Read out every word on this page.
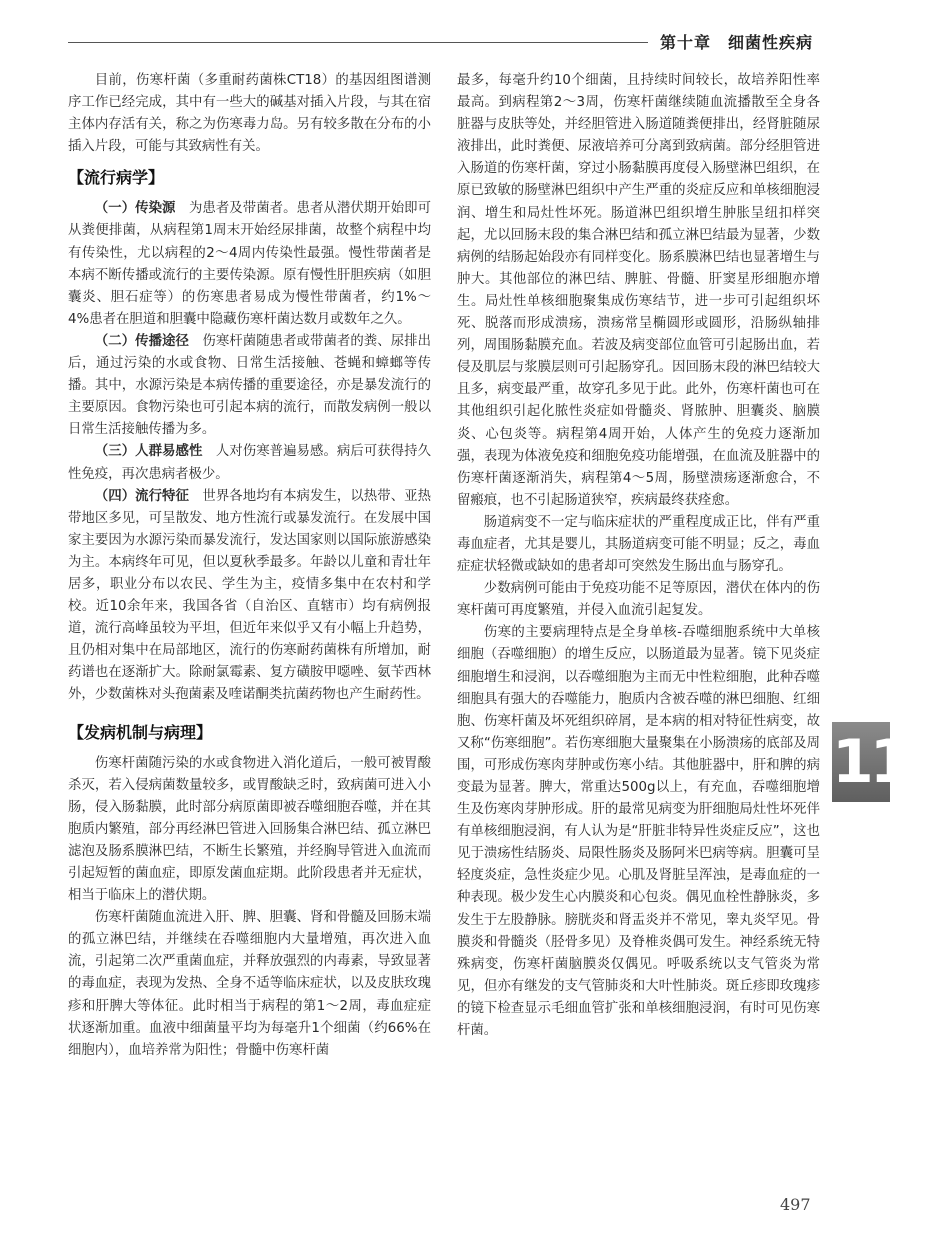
第十章　细菌性疾病

目前，伤寒杆菌（多重耐药菌株CT18）的基因组图谱测序工作已经完成，其中有一些大的碱基对插入片段，与其在宿主体内存活有关，称之为伤寒毒力岛。另有较多散在分布的小插入片段，可能与其致病性有关。

【流行病学】

（一）传染源　 为患者及带菌者。患者从潜伏期开始即可从粪便排菌，从病程第1周末开始经尿排菌，故整个病程中均有传染性，尤以病程的2～4周内传染性最强。慢性带菌者是本病不断传播或流行的主要传染源。原有慢性肝胆疾病（如胆囊炎、胆石症等）的伤寒患者易成为慢性带菌者，约1%～4%患者在胆道和胆囊中隐藏伤寒杆菌达数月或数年之久。

（二）传播途径　 伤寒杆菌随患者或带菌者的粪、尿排出后，通过污染的水或食物、日常生活接触、苍蝇和蟑螂等传播。其中，水源污染是本病传播的重要途径，亦是暴发流行的主要原因。食物污染也可引起本病的流行，而散发病例一般以日常生活接触传播为多。

（三）人群易感性　 人对伤寒普遍易感。病后可获得持久性免疫，再次患病者极少。

（四）流行特征　 世界各地均有本病发生，以热带、亚热带地区多见，可呈散发、地方性流行或暴发流行。在发展中国家主要因为水源污染而暴发流行，发达国家则以国际旅游感染为主。本病终年可见，但以夏秋季最多。年龄以儿童和青壮年居多，职业分布以农民、学生为主，疫情多集中在农村和学校。近10余年来，我国各省（自治区、直辖市）均有病例报道，流行高峰虽较为平坦，但近年来似乎又有小幅上升趋势，且仍相对集中在局部地区，流行的伤寒耐药菌株有所增加，耐药谱也在逐渐扩大。除耐氯霉素、复方磺胺甲噁唑、氨苄西林外，少数菌株对头孢菌素及喹诺酮类抗菌药物也产生耐药性。

【发病机制与病理】

伤寒杆菌随污染的水或食物进入消化道后，一般可被胃酸杀灭，若入侵病菌数量较多，或胃酸缺乏时，致病菌可进入小肠，侵入肠黏膜，此时部分病原菌即被吞噬细胞吞噬，并在其胞质内繁殖，部分再经淋巴管进入回肠集合淋巴结、孤立淋巴滤泡及肠系膜淋巴结，不断生长繁殖，并经胸导管进入血流而引起短暂的菌血症，即原发菌血症期。此阶段患者并无症状，相当于临床上的潜伏期。

伤寒杆菌随血流进入肝、脾、胆囊、肾和骨髓及回肠末端的孤立淋巴结，并继续在吞噬细胞内大量增殖，再次进入血流，引起第二次严重菌血症，并释放强烈的内毒素，导致显著的毒血症，表现为发热、全身不适等临床症状，以及皮肤玫瑰疹和肝脾大等体征。此时相当于病程的第1～2周，毒血症症状逐渐加重。血液中细菌量平均为每毫升1个细菌（约66%在细胞内），血培养常为阳性；骨髓中伤寒杆菌

最多，每毫升约10个细菌，且持续时间较长，故培养阳性率最高。到病程第2～3周，伤寒杆菌继续随血流播散至全身各脏器与皮肤等处，并经胆管进入肠道随粪便排出，经肾脏随尿液排出，此时粪便、尿液培养可分离到致病菌。部分经胆管进入肠道的伤寒杆菌，穿过小肠黏膜再度侵入肠壁淋巴组织，在原已致敏的肠壁淋巴组织中产生严重的炎症反应和单核细胞浸润、增生和局灶性坏死。肠道淋巴组织增生肿胀呈纽扣样突起，尤以回肠末段的集合淋巴结和孤立淋巴结最为显著，少数病例的结肠起始段亦有同样变化。肠系膜淋巴结也显著增生与肿大。其他部位的淋巴结、脾脏、骨髓、肝窦星形细胞亦增生。局灶性单核细胞聚集成伤寒结节，进一步可引起组织坏死、脱落而形成溃疡，溃疡常呈椭圆形或圆形，沿肠纵轴排列，周围肠黏膜充血。若波及病变部位血管可引起肠出血，若侵及肌层与浆膜层则可引起肠穿孔。因回肠末段的淋巴结较大且多，病变最严重，故穿孔多见于此。此外，伤寒杆菌也可在其他组织引起化脓性炎症如骨髓炎、肾脓肿、胆囊炎、脑膜炎、心包炎等。病程第4周开始，人体产生的免疫力逐渐加强，表现为体液免疫和细胞免疫功能增强，在血流及脏器中的伤寒杆菌逐渐消失，病程第4～5周，肠壁溃疡逐渐愈合，不留瘢痕，也不引起肠道狭窄，疾病最终获痊愈。

肠道病变不一定与临床症状的严重程度成正比，伴有严重毒血症者，尤其是婴儿，其肠道病变可能不明显；反之，毒血症症状轻微或缺如的患者却可突然发生肠出血与肠穿孔。

少数病例可能由于免疫功能不足等原因，潜伏在体内的伤寒杆菌可再度繁殖，并侵入血流引起复发。

伤寒的主要病理特点是全身单核-吞噬细胞系统中大单核细胞（吞噬细胞）的增生反应，以肠道最为显著。镜下见炎症细胞增生和浸润，以吞噬细胞为主而无中性粒细胞，此种吞噬细胞具有强大的吞噬能力，胞质内含被吞噬的淋巴细胞、红细胞、伤寒杆菌及坏死组织碎屑，是本病的相对特征性病变，故又称“伤寒细胞”。若伤寒细胞大量聚集在小肠溃疡的底部及周围，可形成伤寒肉芽肿或伤寒小结。其他脏器中，肝和脾的病变最为显著。脾大，常重达500g以上，有充血，吞噬细胞增生及伤寒肉芽肿形成。肝的最常见病变为肝细胞局灶性坏死伴有单核细胞浸润，有人认为是“肝脏非特异性炎症反应”，这也见于溃疡性结肠炎、局限性肠炎及肠阿米巴病等病。胆囊可呈轻度炎症，急性炎症少见。心肌及肾脏呈浑浊，是毒血症的一种表现。极少发生心内膜炎和心包炎。偶见血栓性静脉炎，多发生于左股静脉。膀胱炎和肾盂炎并不常见，睾丸炎罕见。骨膜炎和骨髓炎（胫骨多见）及脊椎炎偶可发生。神经系统无特殊病变，伤寒杆菌脑膜炎仅偶见。呼吸系统以支气管炎为常见，但亦有继发的支气管肺炎和大叶性肺炎。斑丘疹即玫瑰疹的镜下检查显示毛细血管扩张和单核细胞浸润，有时可见伤寒杆菌。

11
497
